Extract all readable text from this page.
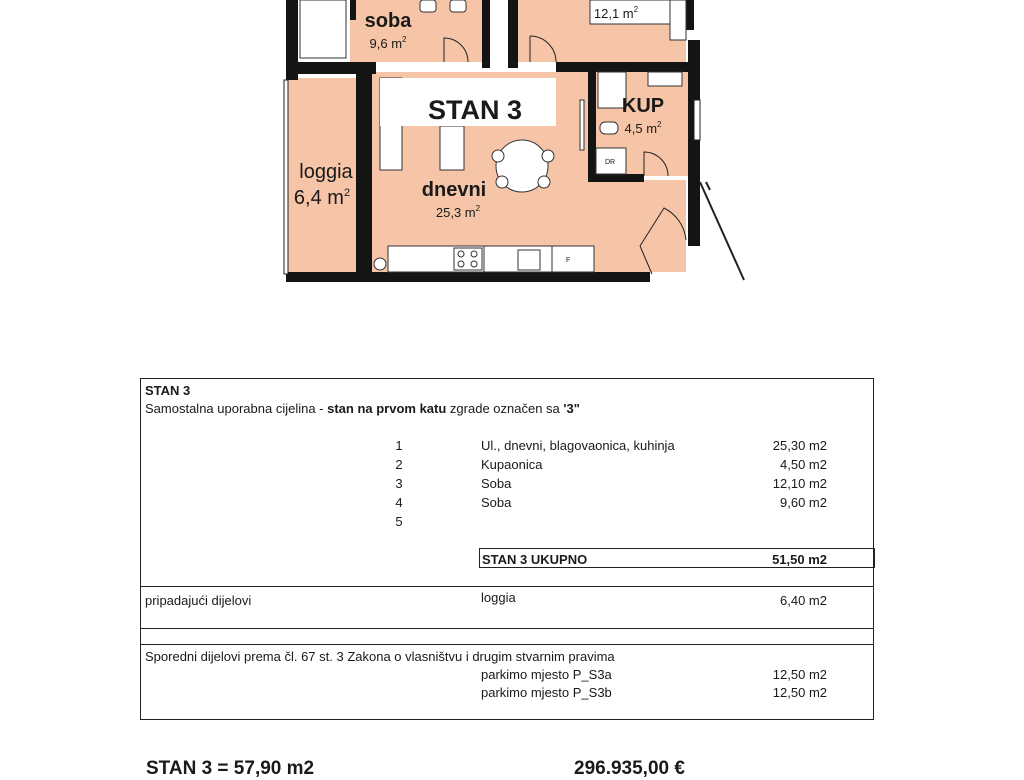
STAN 3
soba
9,6 $m^2$
12,1 $m^2$
KUP
4,5 $m^2$
dnevni
25,3 $m^2$
loggia
6,4 $m^2$
DR
F
STAN 3
Samostalna uporabna cijelina - stan na prvom katu zgrade označen sa '3"
1	Ul., dnevni, blagovaonica, kuhinja	25,30 m2
2	Kupaonica	4,50 m2
3	Soba	12,10 m2
4	Soba	9,60 m2
5
STAN 3 UKUPNO	51,50 m2
pripadajući dijelovi	loggia	6,40 m2
Sporedni dijelovi prema čl. 67 st. 3 Zakona o vlasništvu i drugim stvarnim pravima
parkimo mjesto P_S3a	12,50 m2
parkimo mjesto P_S3b	12,50 m2
STAN 3 = 57,90 m2	296.935,00 €
